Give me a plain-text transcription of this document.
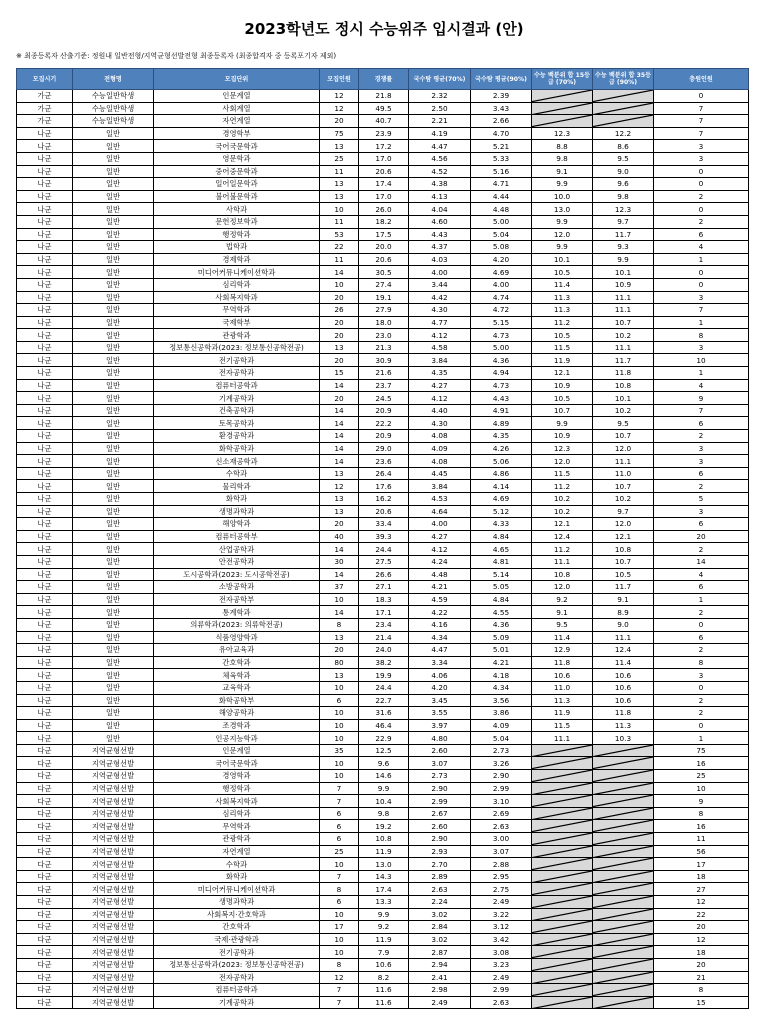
2023학년도 정시 수능위주 입시결과 (안)
※ 최종등록자 산출기준: 정원내 일반전형/지역균형선발전형 최종등록자 (최종합격자 중 등록포기자 제외)
모집시기	전형명	모집단위	모집인원	경쟁률	국수탐 평균(70%)	국수탐 평균(90%)	수능 백분위 합 15등급 (70%)	수능 백분위 합 35등급 (90%)	충원인원
가군	수능일반학생	인문계열	12	21.8	2.32	2.39			0
가군	수능일반학생	사회계열	12	49.5	2.50	3.43			7
가군	수능일반학생	자연계열	20	40.7	2.21	2.66			7
나군	일반	경영학부	75	23.9	4.19	4.70	12.3	12.2	7
나군	일반	국어국문학과	13	17.2	4.47	5.21	8.8	8.6	3
나군	일반	영문학과	25	17.0	4.56	5.33	9.8	9.5	3
나군	일반	중어중문학과	11	20.6	4.52	5.16	9.1	9.0	0
나군	일반	일어일문학과	13	17.4	4.38	4.71	9.9	9.6	0
나군	일반	불어불문학과	13	17.0	4.13	4.44	10.0	9.8	2
나군	일반	사학과	10	26.0	4.04	4.48	13.0	12.3	0
나군	일반	문헌정보학과	11	18.2	4.60	5.00	9.9	9.7	2
나군	일반	행정학과	53	17.5	4.43	5.04	12.0	11.7	6
나군	일반	법학과	22	20.0	4.37	5.08	9.9	9.3	4
나군	일반	경제학과	11	20.6	4.03	4.20	10.1	9.9	1
나군	일반	미디어커뮤니케이션학과	14	30.5	4.00	4.69	10.5	10.1	0
나군	일반	심리학과	10	27.4	3.44	4.00	11.4	10.9	0
나군	일반	사회복지학과	20	19.1	4.42	4.74	11.3	11.1	3
나군	일반	무역학과	26	27.9	4.30	4.72	11.3	11.1	7
나군	일반	국제학부	20	18.0	4.77	5.15	11.2	10.7	1
나군	일반	관광학과	20	23.0	4.12	4.73	10.5	10.2	8
나군	일반	정보통신공학과(2023: 정보통신공학전공)	13	21.3	4.58	5.00	11.5	11.1	3
나군	일반	전기공학과	20	30.9	3.84	4.36	11.9	11.7	10
나군	일반	전자공학과	15	21.6	4.35	4.94	12.1	11.8	1
나군	일반	컴퓨터공학과	14	23.7	4.27	4.73	10.9	10.8	4
나군	일반	기계공학과	20	24.5	4.12	4.43	10.5	10.1	9
나군	일반	건축공학과	14	20.9	4.40	4.91	10.7	10.2	7
나군	일반	토목공학과	14	22.2	4.30	4.89	9.9	9.5	6
나군	일반	환경공학과	14	20.9	4.08	4.35	10.9	10.7	2
나군	일반	화학공학과	14	29.0	4.09	4.26	12.3	12.0	3
나군	일반	신소재공학과	14	23.6	4.08	5.06	12.0	11.1	3
나군	일반	수학과	13	26.4	4.45	4.86	11.5	11.0	6
나군	일반	물리학과	12	17.6	3.84	4.14	11.2	10.7	2
나군	일반	화학과	13	16.2	4.53	4.69	10.2	10.2	5
나군	일반	생명과학과	13	20.6	4.64	5.12	10.2	9.7	3
나군	일반	해양학과	20	33.4	4.00	4.33	12.1	12.0	6
나군	일반	컴퓨터공학부	40	39.3	4.27	4.84	12.4	12.1	20
나군	일반	산업공학과	14	24.4	4.12	4.65	11.2	10.8	2
나군	일반	안전공학과	30	27.5	4.24	4.81	11.1	10.7	14
나군	일반	도시공학과(2023: 도시공학전공)	14	26.6	4.48	5.14	10.8	10.5	4
나군	일반	소방공학과	37	27.1	4.21	5.05	12.0	11.7	6
나군	일반	전자공학부	10	18.3	4.59	4.84	9.2	9.1	1
나군	일반	통계학과	14	17.1	4.22	4.55	9.1	8.9	2
나군	일반	의류학과(2023: 의류학전공)	8	23.4	4.16	4.36	9.5	9.0	0
나군	일반	식품영양학과	13	21.4	4.34	5.09	11.4	11.1	6
나군	일반	유아교육과	20	24.0	4.47	5.01	12.9	12.4	2
나군	일반	간호학과	80	38.2	3.34	4.21	11.8	11.4	8
나군	일반	체육학과	13	19.9	4.06	4.18	10.6	10.6	3
나군	일반	교육학과	10	24.4	4.20	4.34	11.0	10.6	0
나군	일반	화학공학부	6	22.7	3.45	3.56	11.3	10.6	2
나군	일반	해양공학과	10	31.6	3.55	3.86	11.9	11.8	2
나군	일반	조경학과	10	46.4	3.97	4.09	11.5	11.3	0
나군	일반	인공지능학과	10	22.9	4.80	5.04	11.1	10.3	1
다군	지역균형선발	인문계열	35	12.5	2.60	2.73			75
다군	지역균형선발	국어국문학과	10	9.6	3.07	3.26			16
다군	지역균형선발	경영학과	10	14.6	2.73	2.90			25
다군	지역균형선발	행정학과	7	9.9	2.90	2.99			10
다군	지역균형선발	사회복지학과	7	10.4	2.99	3.10			9
다군	지역균형선발	심리학과	6	9.8	2.67	2.69			8
다군	지역균형선발	무역학과	6	19.2	2.60	2.63			16
다군	지역균형선발	관광학과	6	10.8	2.90	3.00			11
다군	지역균형선발	자연계열	25	11.9	2.93	3.07			56
다군	지역균형선발	수학과	10	13.0	2.70	2.88			17
다군	지역균형선발	화학과	7	14.3	2.89	2.95			18
다군	지역균형선발	미디어커뮤니케이션학과	8	17.4	2.63	2.75			27
다군	지역균형선발	생명과학과	6	13.3	2.24	2.49			12
다군	지역균형선발	사회복지·간호학과	10	9.9	3.02	3.22			22
다군	지역균형선발	간호학과	17	9.2	2.84	3.12			20
다군	지역균형선발	국제·관광학과	10	11.9	3.02	3.42			12
다군	지역균형선발	전기공학과	10	7.9	2.87	3.08			18
다군	지역균형선발	정보통신공학과(2023: 정보통신공학전공)	8	10.6	2.94	3.23			20
다군	지역균형선발	전자공학과	12	8.2	2.41	2.49			21
다군	지역균형선발	컴퓨터공학과	7	11.6	2.98	2.99			8
다군	지역균형선발	기계공학과	7	11.6	2.49	2.63			15
